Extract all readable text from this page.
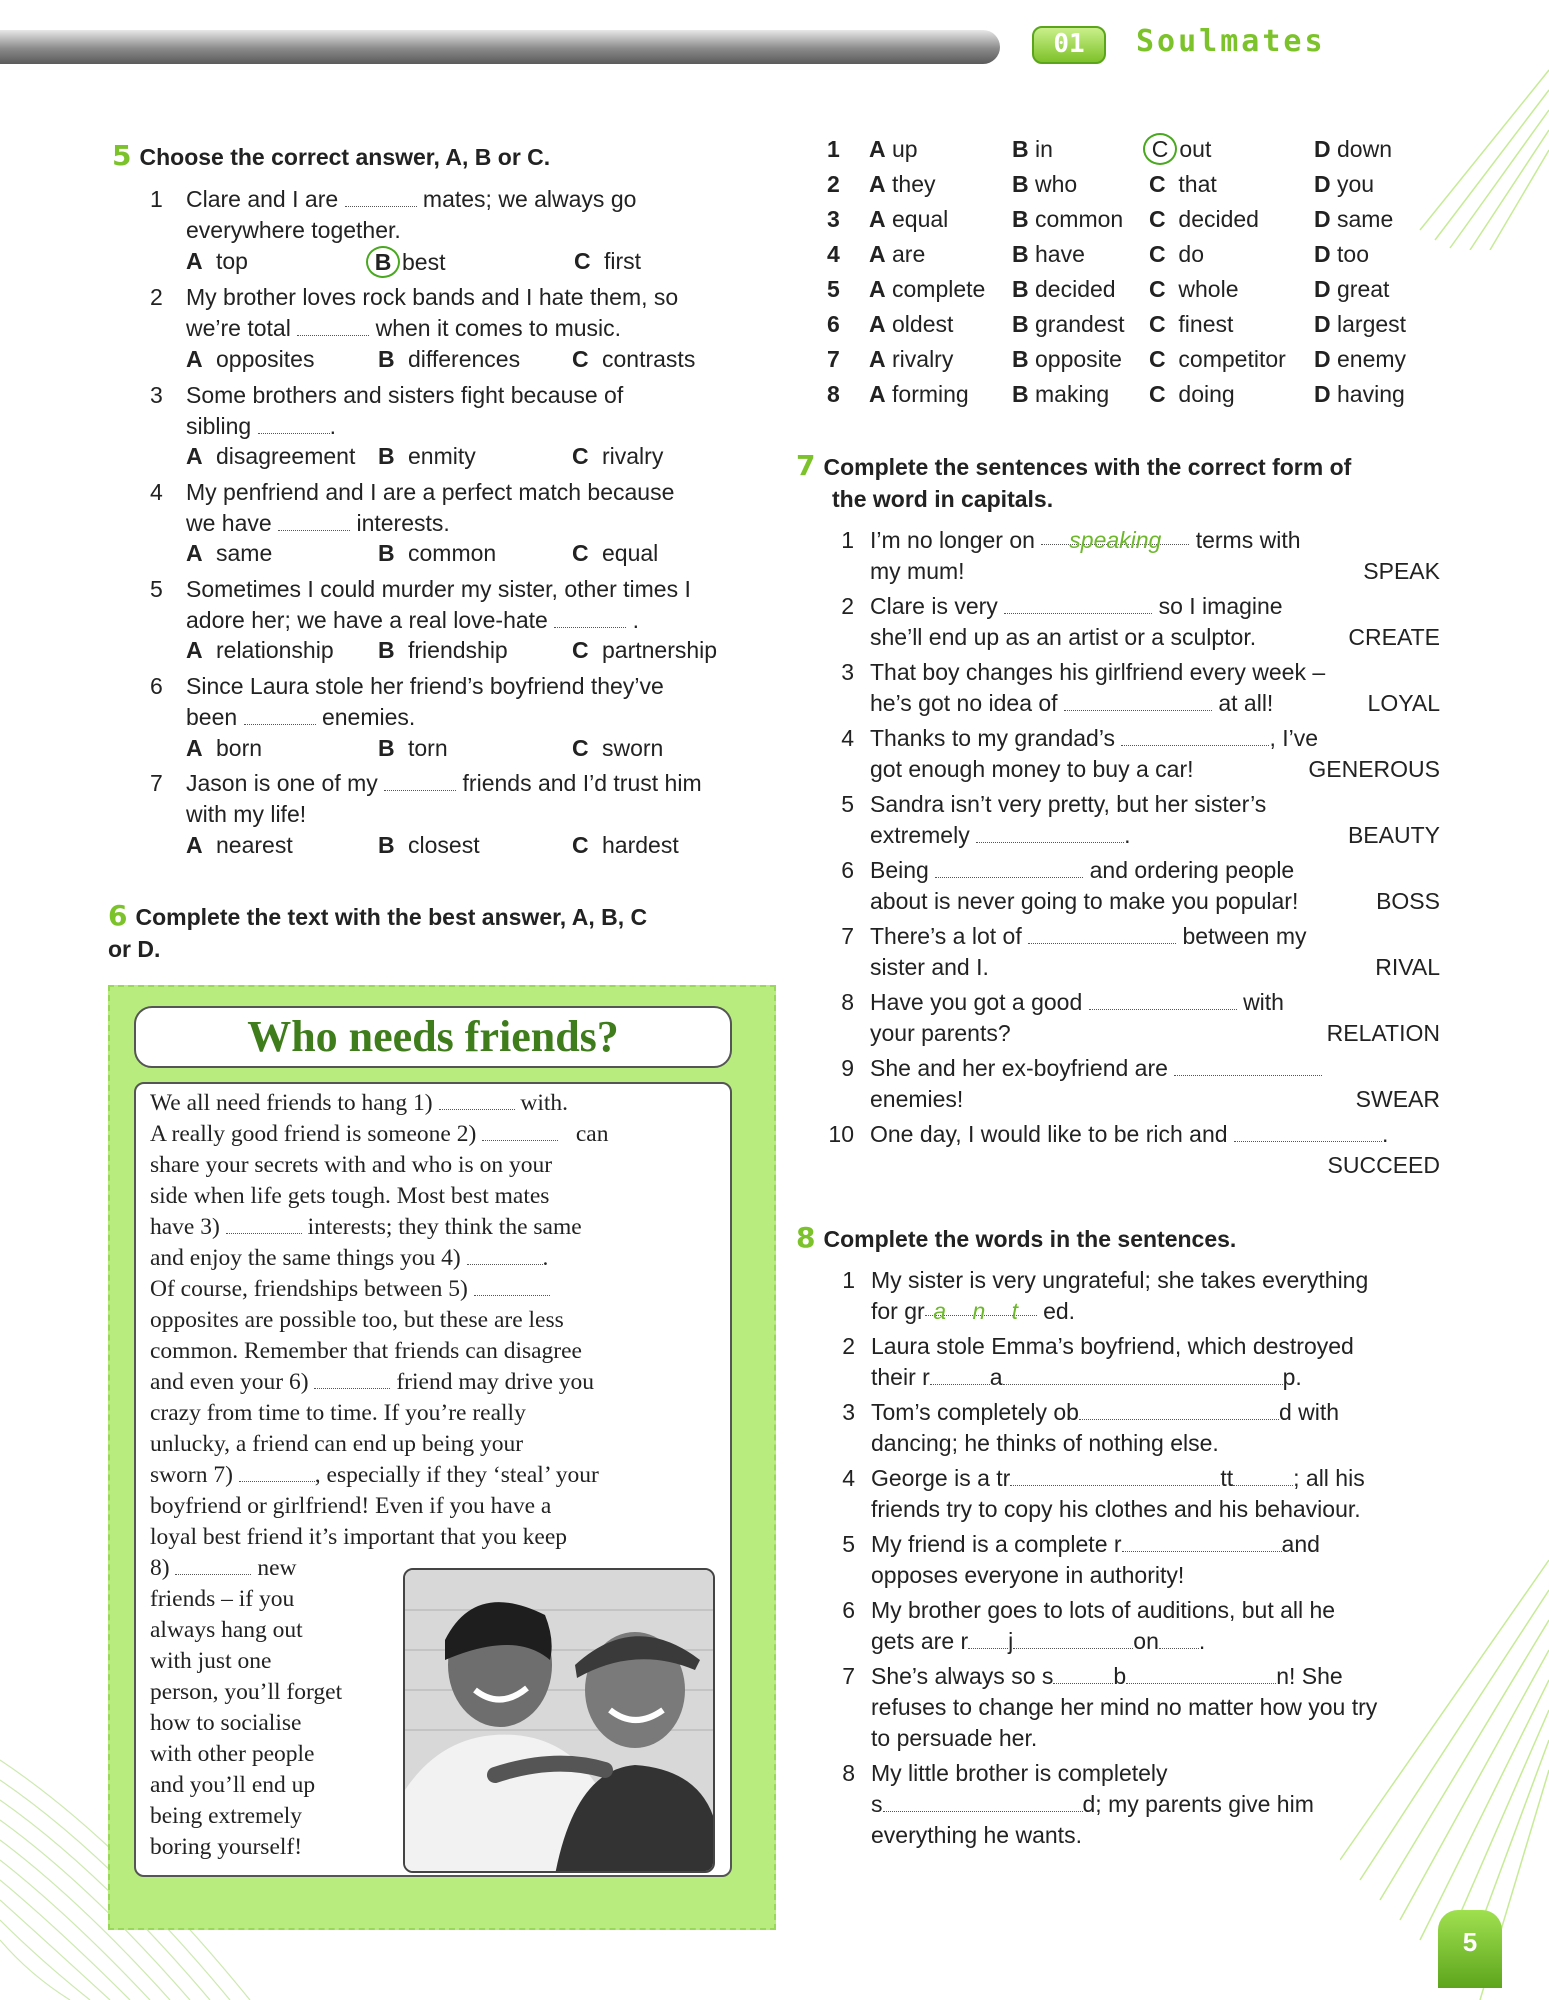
01	Soulmates
5 Choose the correct answer, A, B or C.
1 Clare and I are	mates; we always go
everywhere together.
A top	B best	C first
2 My brother loves rock bands and I hate them, so
we’re total	when it comes to music.
A opposites	B differences C contrasts
3 Some brothers and sisters fight because of
sibling	.
A disagreement B enmity	C rivalry
4 My penfriend and I are a perfect match because
we have	interests.
A same	B common	C equal
5 Sometimes I could murder my sister, other times I
adore her; we have a real love-hate	.
A relationship B friendship	C partnership
6 Since Laura stole her friend’s boyfriend they’ve
been	enemies.
A born	B torn	C sworn
7 Jason is one of my	friends and I’d trust him
with my life!
A nearest	B closest	C hardest
6 Complete the text with the best answer, A, B, C
or D.
Who needs friends?
We all need friends to hang 1)	with.
A really good friend is someone 2)	can
share your secrets with and who is on your
side when life gets tough. Most best mates
have 3)	interests; they think the same
and enjoy the same things you 4)	.
Of course, friendships between 5)
opposites are possible too, but these are less
common. Remember that friends can disagree
and even your 6)	friend may drive you
crazy from time to time. If you’re really
unlucky, a friend can end up being your
sworn 7)	, especially if they ‘steal’ your
boyfriend or girlfriend! Even if you have a
loyal best friend it’s important that you keep
8)	new
friends – if you
always hang out
with just one
person, you’ll forget
how to socialise
with other people
and you’ll end up
being extremely
boring yourself!
1 A up	B in	C out	D down
2 A they	B who	C that	D you
3 A equal	B common C decided D same
4 A are	B have	C do	D too
5 A complete B decided C whole	D great
6 A oldest	B grandest C finest	D largest
7 A rivalry	B opposite C competitor D enemy
8 A forming B making C doing	D having
7 Complete the sentences with the correct form of
the word in capitals.
1 I’m no longer on speaking terms with
my mum!	SPEAK
2 Clare is very	so I imagine
she’ll end up as an artist or a sculptor.	CREATE
3 That boy changes his girlfriend every week –
he’s got no idea of	at all!	LOYAL
4 Thanks to my grandad’s	, I’ve
got enough money to buy a car!	GENEROUS
5 Sandra isn’t very pretty, but her sister’s
extremely	.	BEAUTY
6 Being	and ordering people
about is never going to make you popular!	BOSS
7 There’s a lot of	between my
sister and I.	RIVAL
8 Have you got a good	with
your parents?	RELATION
9 She and her ex-boyfriend are
enemies!	SWEAR
10 One day, I would like to be rich and	.

SUCCEED
8 Complete the words in the sentences.
1 My sister is very ungrateful; she takes everything
for gr a n t ed.
2 Laura stole Emma’s boyfriend, which destroyed
their r	a	p.
3 Tom’s completely ob	d with
dancing; he thinks of nothing else.
4 George is a tr	tt	; all his
friends try to copy his clothes and his behaviour.
5 My friend is a complete r	and
opposes everyone in authority!
6 My brother goes to lots of auditions, but all he
gets are r j	on .
7 She’s always so s	b	n! She
refuses to change her mind no matter how you try
to persuade her.
8 My little brother is completely
s	d; my parents give him
everything he wants.
5
